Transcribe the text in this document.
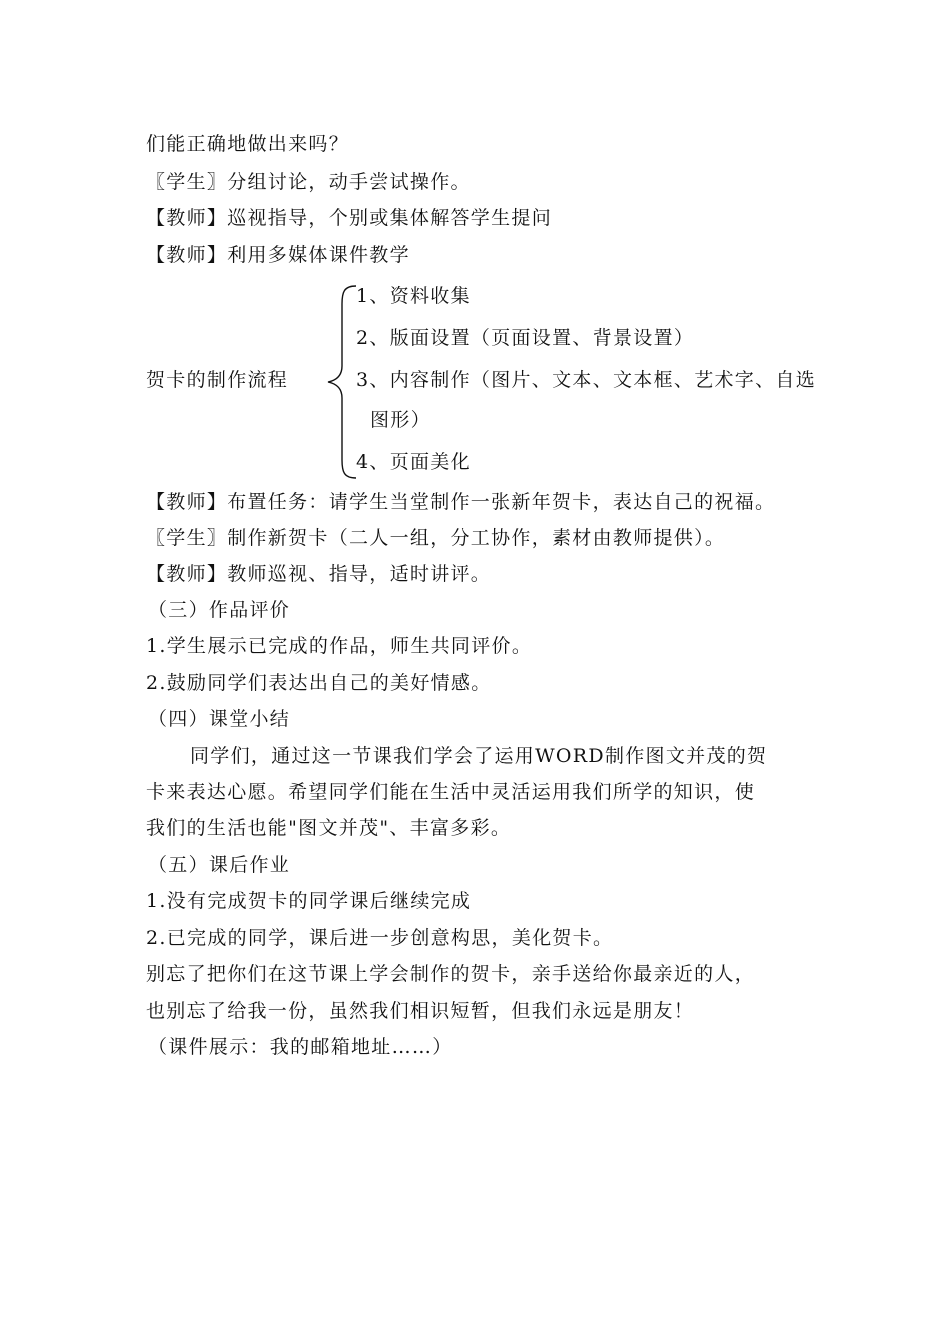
们能正确地做出来吗？
〖学生〗分组讨论，动手尝试操作。
【教师】巡视指导，个别或集体解答学生提问
【教师】利用多媒体课件教学
贺卡的制作流程
1、资料收集
2、版面设置（页面设置、背景设置）
3、内容制作（图片、文本、文本框、艺术字、自选
图形）
4、页面美化
【教师】布置任务：请学生当堂制作一张新年贺卡，表达自己的祝福。
〖学生〗制作新贺卡（二人一组，分工协作，素材由教师提供）。
【教师】教师巡视、指导，适时讲评。
（三）作品评价
1.学生展示已完成的作品，师生共同评价。
2.鼓励同学们表达出自己的美好情感。
（四）课堂小结
同学们，通过这一节课我们学会了运用WORD制作图文并茂的贺
卡来表达心愿。希望同学们能在生活中灵活运用我们所学的知识，使
我们的生活也能"图文并茂"、丰富多彩。
（五）课后作业
1.没有完成贺卡的同学课后继续完成
2.已完成的同学，课后进一步创意构思，美化贺卡。
别忘了把你们在这节课上学会制作的贺卡，亲手送给你最亲近的人，
也别忘了给我一份，虽然我们相识短暂，但我们永远是朋友！
（课件展示：我的邮箱地址……）
